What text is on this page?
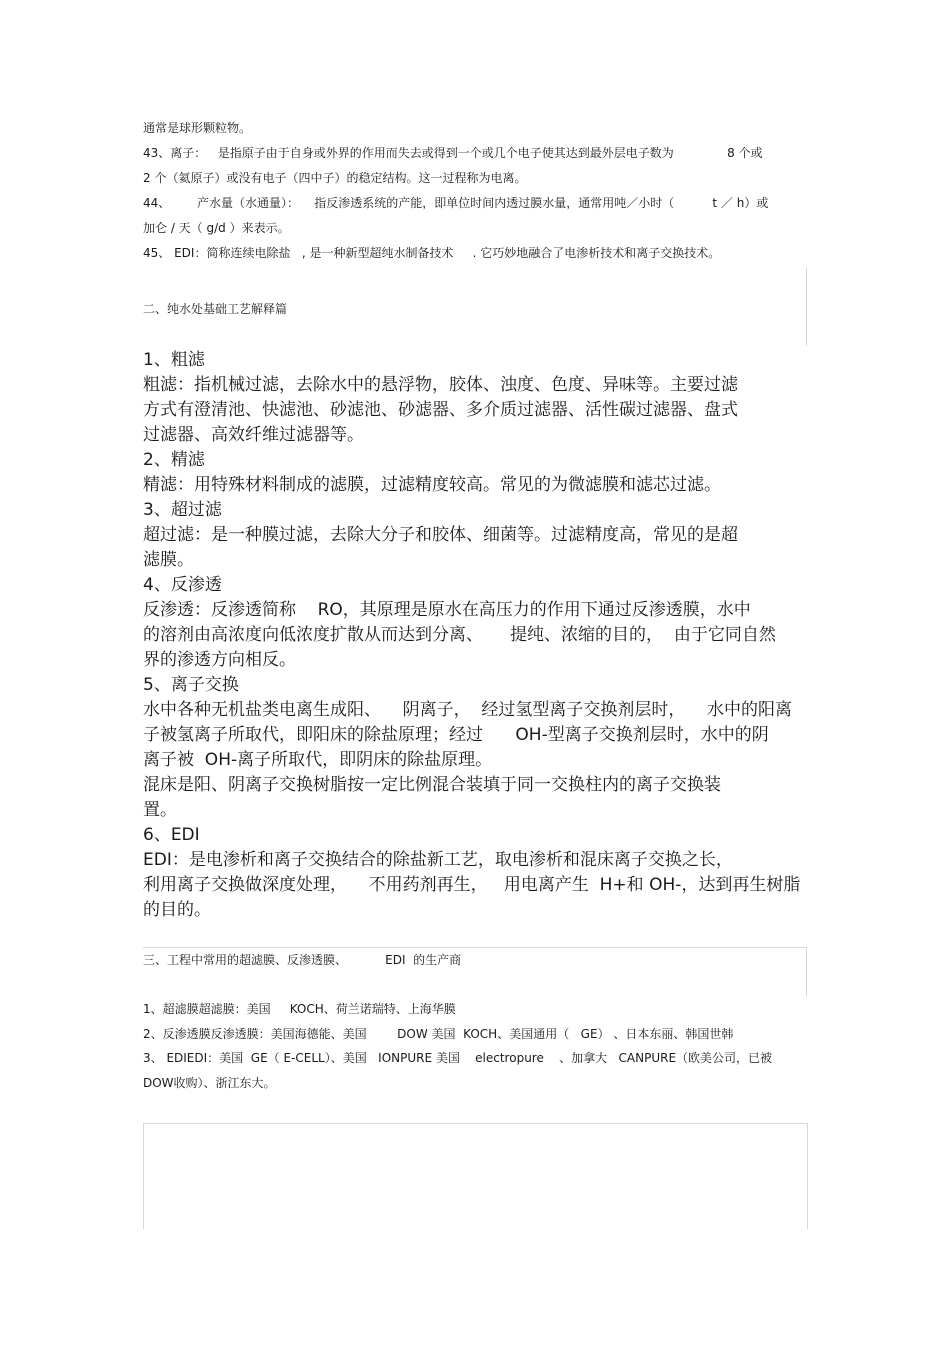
通常是球形颗粒物。
43、离子：   是指原子由于自身或外界的作用而失去或得到一个或几个电子使其达到最外层电子数为              8 个或
2 个（氦原子）或没有电子（四中子）的稳定结构。这一过程称为电离。
44、       产水量（水通量）：    指反渗透系统的产能，即单位时间内透过膜水量，通常用吨／小时（          t ／ h）或
加仑 / 天（ g/d ）来表示。
45、 EDI：简称连续电除盐   , 是一种新型超纯水制备技术     . 它巧妙地融合了电渗析技术和离子交换技术。
二、纯水处基础工艺解释篇
1、粗滤
粗滤：指机械过滤，去除水中的悬浮物，胶体、浊度、色度、异味等。主要过滤
方式有澄清池、快滤池、砂滤池、砂滤器、多介质过滤器、活性碳过滤器、盘式
过滤器、高效纤维过滤器等。
2、精滤
精滤：用特殊材料制成的滤膜，过滤精度较高。常见的为微滤膜和滤芯过滤。
3、超过滤
超过滤：是一种膜过滤，去除大分子和胶体、细菌等。过滤精度高，常见的是超
滤膜。
4、反渗透
反渗透：反渗透简称    RO，其原理是原水在高压力的作用下通过反渗透膜，水中
的溶剂由高浓度向低浓度扩散从而达到分离、     提纯、浓缩的目的，  由于它同自然
界的渗透方向相反。
5、离子交换
水中各种无机盐类电离生成阳、    阴离子，  经过氢型离子交换剂层时，    水中的阳离
子被氢离子所取代，即阳床的除盐原理；经过      OH-型离子交换剂层时，水中的阴
离子被  OH-离子所取代，即阴床的除盐原理。
混床是阳、阴离子交换树脂按一定比例混合装填于同一交换柱内的离子交换装
置。
6、EDI
EDI：是电渗析和离子交换结合的除盐新工艺，取电渗析和混床离子交换之长，
利用离子交换做深度处理，    不用药剂再生，   用电离产生  H+和 OH-，达到再生树脂
的目的。
三、工程中常用的超滤膜、反渗透膜、          EDI  的生产商
1、超滤膜超滤膜：美国     KOCH、荷兰诺瑞特、上海华膜
2、反渗透膜反渗透膜：美国海德能、美国        DOW 美国  KOCH、美国通用（   GE） 、日本东丽、韩国世韩
3、 EDIEDI：美国  GE（ E-CELL）、美国   IONPURE 美国    electropure    、加拿大   CANPURE（欧美公司，已被
DOW收购）、浙江东大。
